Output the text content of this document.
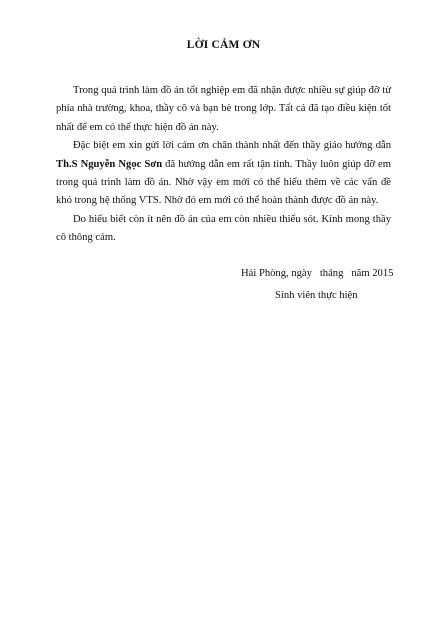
LỜI CẢM ƠN

Trong quá trình làm đồ án tốt nghiệp em đã nhận được nhiều sự giúp đỡ từ phía nhà trường, khoa, thầy cô và bạn bè trong lớp. Tất cả đã tạo điều kiện tốt nhất để em có thể thực hiện đồ án này.

Đặc biệt em xin gửi lời cảm ơn chân thành nhất đến thầy giáo hướng dẫn Th.S Nguyễn Ngọc Sơn đã hướng dẫn em rất tận tình. Thầy luôn giúp đỡ em trong quá trình làm đồ án. Nhờ vậy em mới có thể hiểu thêm về các vấn đề khó trong hệ thống VTS. Nhờ đó em mới có thể hoàn thành được đồ án này.

Do hiểu biết còn ít nên đồ án của em còn nhiều thiếu sót. Kính mong thầy cô thông cảm.

Hải Phòng, ngày   tháng   năm 2015
Sinh viên thực hiện
